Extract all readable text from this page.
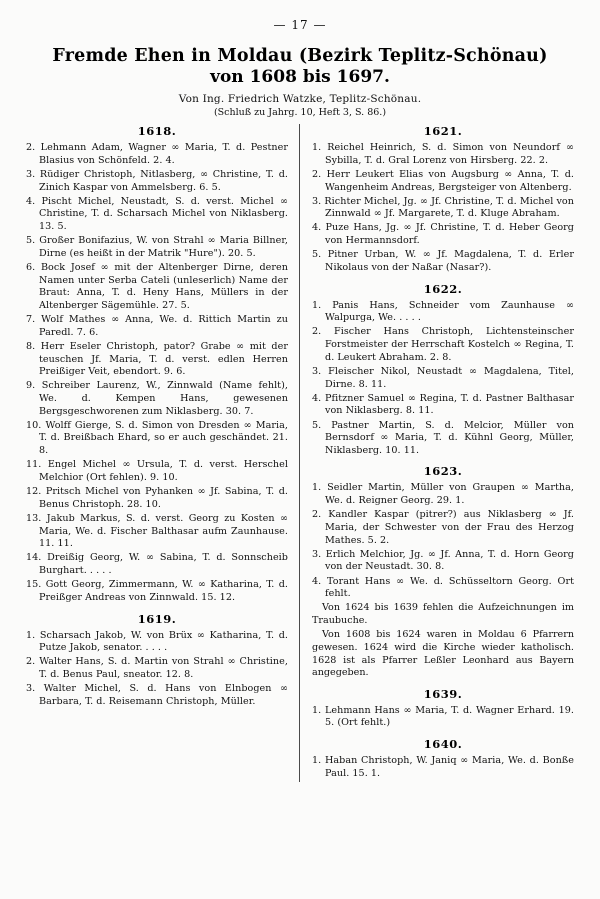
— 17 —
Fremde Ehen in Moldau (Bezirk Teplitz-Schönau)
von 1608 bis 1697.
Von Ing. Friedrich Watzke, Teplitz-Schönau.
(Schluß zu Jahrg. 10, Heft 3, S. 86.)
1618.
2. Lehmann Adam, Wagner ∞ Maria, T. d. Pestner Blasius von Schönfeld. 2. 4.
3. Rüdiger Christoph, Nitlasberg, ∞ Christine, T. d. Zinich Kaspar von Ammelsberg. 6. 5.
4. Pischt Michel, Neustadt, S. d. verst. Michel ∞ Christine, T. d. Scharsach Michel von Niklasberg. 13. 5.
5. Großer Bonifazius, W. von Strahl ∞ Maria Billner, Dirne (es heißt in der Matrik "Hure"). 20. 5.
6. Bock Josef ∞ mit der Altenberger Dirne, deren Namen unter Serba Cateli (unleserlich) Name der Braut: Anna, T. d. Heny Hans, Müllers in der Altenberger Sägemühle. 27. 5.
7. Wolf Mathes ∞ Anna, We. d. Rittich Martin zu Paredl. 7. 6.
8. Herr Eseler Christoph, pator? Grabe ∞ mit der teuschen Jf. Maria, T. d. verst. edlen Herren Preißiger Veit, ebendort. 9. 6.
9. Schreiber Laurenz, W., Zinnwald (Name fehlt), We. d. Kempen Hans, gewesenen Bergsgeschworenen zum Niklasberg. 30. 7.
10. Wolff Gierge, S. d. Simon von Dresden ∞ Maria, T. d. Breißbach Ehard, so er auch geschändet. 21. 8.
11. Engel Michel ∞ Ursula, T. d. verst. Herschel Melchior (Ort fehlen). 9. 10.
12. Pritsch Michel von Pyhanken ∞ Jf. Sabina, T. d. Benus Christoph. 28. 10.
13. Jakub Markus, S. d. verst. Georg zu Kosten ∞ Maria, We. d. Fischer Balthasar aufm Zaunhause. 11. 11.
14. Dreißig Georg, W. ∞ Sabina, T. d. Sonnscheib Burghart. . . . .
15. Gott Georg, Zimmermann, W. ∞ Katharina, T. d. Preißger Andreas von Zinnwald. 15. 12.
1619.
1. Scharsach Jakob, W. von Brüx ∞ Katharina, T. d. Putze Jakob, senator. . . . .
2. Walter Hans, S. d. Martin von Strahl ∞ Christine, T. d. Benus Paul, sneator. 12. 8.
3. Walter Michel, S. d. Hans von Elnbogen ∞ Barbara, T. d. Reisemann Christoph, Müller.
1621.
1. Reichel Heinrich, S. d. Simon von Neundorf ∞ Sybilla, T. d. Gral Lorenz von Hirsberg. 22. 2.
2. Herr Leukert Elias von Augsburg ∞ Anna, T. d. Wangenheim Andreas, Bergsteiger von Altenberg.
3. Richter Michel, Jg. ∞ Jf. Christine, T. d. Michel von Zinnwald ∞ Jf. Margarete, T. d. Kluge Abraham.
4. Puze Hans, Jg. ∞ Jf. Christine, T. d. Heber Georg von Hermannsdorf.
5. Pitner Urban, W. ∞ Jf. Magdalena, T. d. Erler Nikolaus von der Naßar (Nasar?).
1622.
1. Panis Hans, Schneider vom Zaunhause ∞ Walpurga, We. . . . .
2. Fischer Hans Christoph, Lichtensteinscher Forstmeister der Herrschaft Kostelch ∞ Regina, T. d. Leukert Abraham. 2. 8.
3. Fleischer Nikol, Neustadt ∞ Magdalena, Titel, Dirne. 8. 11.
4. Pfitzner Samuel ∞ Regina, T. d. Pastner Balthasar von Niklasberg. 8. 11.
5. Pastner Martin, S. d. Melcior, Müller von Bernsdorf ∞ Maria, T. d. Kühnl Georg, Müller, Niklasberg. 10. 11.
1623.
1. Seidler Martin, Müller von Graupen ∞ Martha, We. d. Reigner Georg. 29. 1.
2. Kandler Kaspar (pitrer?) aus Niklasberg ∞ Jf. Maria, der Schwester von der Frau des Herzog Mathes. 5. 2.
3. Erlich Melchior, Jg. ∞ Jf. Anna, T. d. Horn Georg von der Neustadt. 30. 8.
4. Torant Hans ∞ We. d. Schüsseltorn Georg. Ort fehlt.
Von 1624 bis 1639 fehlen die Aufzeichnungen im Traubuche.
Von 1608 bis 1624 waren in Moldau 6 Pfarrern gewesen. 1624 wird die Kirche wieder katholisch. 1628 ist als Pfarrer Leßler Leonhard aus Bayern angegeben.
1639.
1. Lehmann Hans ∞ Maria, T. d. Wagner Erhard. 19. 5. (Ort fehlt.)
1640.
1. Haban Christoph, W. Janiq ∞ Maria, We. d. Bonße Paul. 15. 1.
